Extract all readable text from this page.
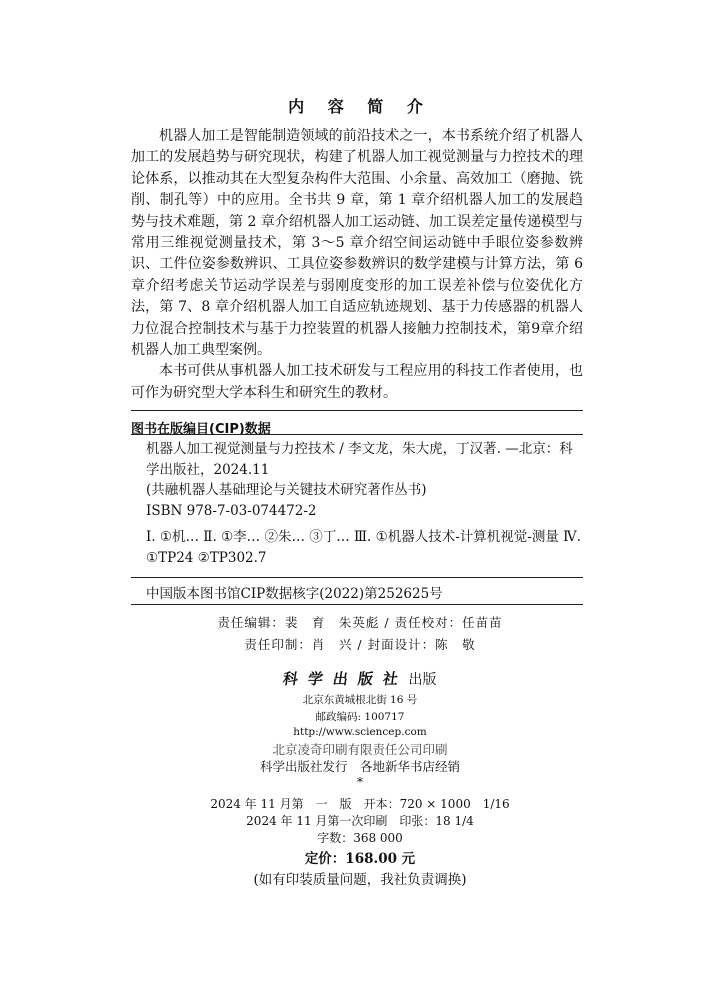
内 容 简 介

机器人加工是智能制造领域的前沿技术之一，本书系统介绍了机器人加工的发展趋势与研究现状，构建了机器人加工视觉测量与力控技术的理论体系，以推动其在大型复杂构件大范围、小余量、高效加工（磨抛、铣削、制孔等）中的应用。全书共 9 章，第 1 章介绍机器人加工的发展趋势与技术难题，第 2 章介绍机器人加工运动链、加工误差定量传递模型与常用三维视觉测量技术，第 3～5 章介绍空间运动链中手眼位姿参数辨识、工件位姿参数辨识、工具位姿参数辨识的数学建模与计算方法，第 6 章介绍考虑关节运动学误差与弱刚度变形的加工误差补偿与位姿优化方法，第 7、8 章介绍机器人加工自适应轨迹规划、基于力传感器的机器人力位混合控制技术与基于力控装置的机器人接触力控制技术，第9章介绍机器人加工典型案例。

本书可供从事机器人加工技术研发与工程应用的科技工作者使用，也可作为研究型大学本科生和研究生的教材。

图书在版编目(CIP)数据
机器人加工视觉测量与力控技术 / 李文龙，朱大虎，丁汉著. —北京：科学出版社，2024.11
(共融机器人基础理论与关键技术研究著作丛书)
ISBN 978-7-03-074472-2
Ⅰ. ①机… Ⅱ. ①李… ②朱… ③丁… Ⅲ. ①机器人技术-计算机视觉-测量 Ⅳ. ①TP24 ②TP302.7
中国版本图书馆CIP数据核字(2022)第252625号
责任编辑：裴　育　朱英彪 / 责任校对：任苗苗
责任印制：肖　兴 / 封面设计：陈　敬
科学出版社出版
北京东黄城根北街 16 号
邮政编码: 100717
http://www.sciencep.com
北京凌奇印刷有限责任公司印刷
科学出版社发行　各地新华书店经销
*
2024 年 11 月第　一　版　开本：720 × 1000　1/16
2024 年 11 月第一次印刷　印张：18 1/4
字数：368 000
定价：168.00 元
(如有印装质量问题，我社负责调换)
